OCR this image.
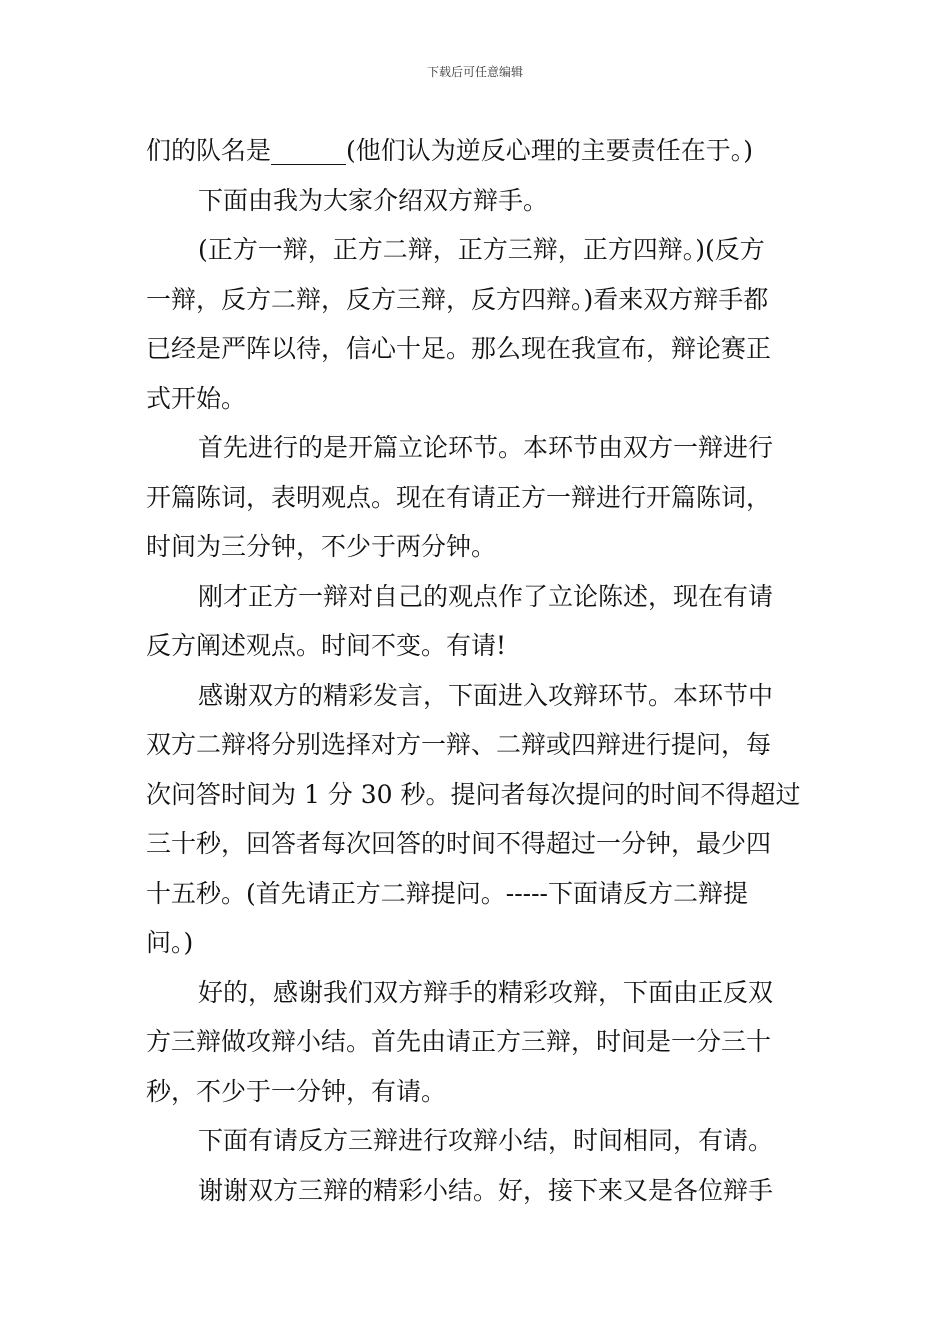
下载后可任意编辑
们的队名是______(他们认为逆反心理的主要责任在于。)
下面由我为大家介绍双方辩手。
(正方一辩，正方二辩，正方三辩，正方四辩。)(反方
一辩，反方二辩，反方三辩，反方四辩。)看来双方辩手都
已经是严阵以待，信心十足。那么现在我宣布，辩论赛正
式开始。
首先进行的是开篇立论环节。本环节由双方一辩进行
开篇陈词，表明观点。现在有请正方一辩进行开篇陈词，
时间为三分钟，不少于两分钟。
刚才正方一辩对自己的观点作了立论陈述，现在有请
反方阐述观点。时间不变。有请!
感谢双方的精彩发言，下面进入攻辩环节。本环节中
双方二辩将分别选择对方一辩、二辩或四辩进行提问，每
次问答时间为 1 分 30 秒。提问者每次提问的时间不得超过
三十秒，回答者每次回答的时间不得超过一分钟，最少四
十五秒。(首先请正方二辩提问。-----下面请反方二辩提
问。)
好的，感谢我们双方辩手的精彩攻辩，下面由正反双
方三辩做攻辩小结。首先由请正方三辩，时间是一分三十
秒，不少于一分钟，有请。
下面有请反方三辩进行攻辩小结，时间相同，有请。
谢谢双方三辩的精彩小结。好，接下来又是各位辩手
